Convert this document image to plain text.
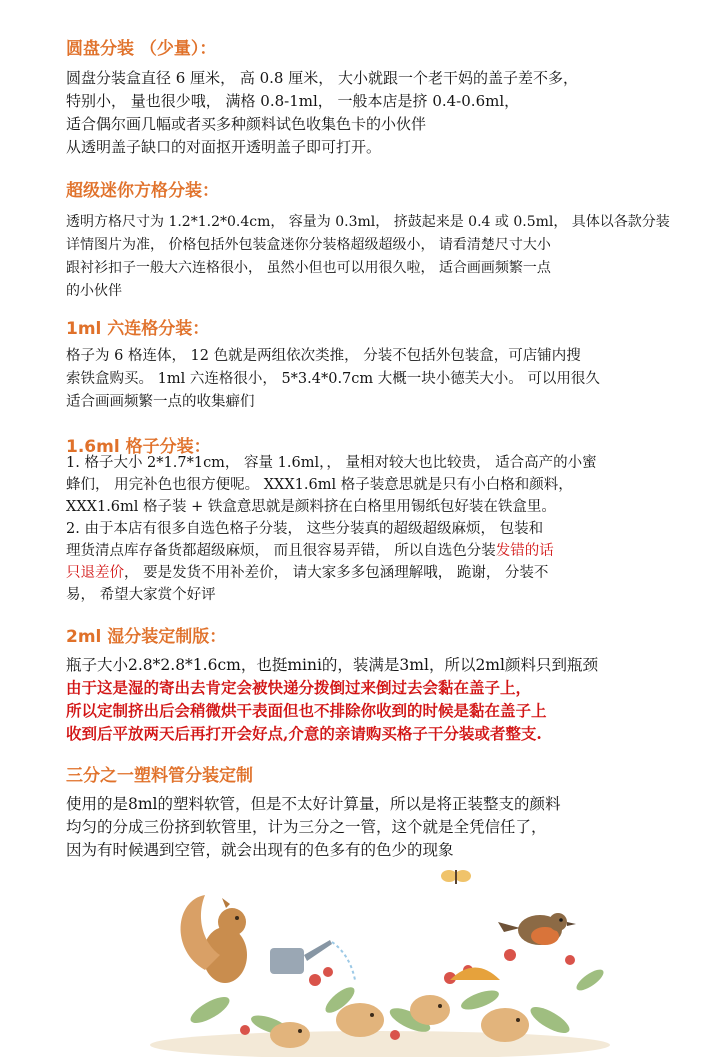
圆盘分装 （少量）：
圆盘分装盒直径 6 厘米， 高 0.8 厘米， 大小就跟一个老干妈的盖子差不多，
特别小， 量也很少哦， 满格 0.8-1ml， 一般本店是挤 0.4-0.6ml，
适合偶尔画几幅或者买多种颜料试色收集色卡的小伙伴
从透明盖子缺口的对面抠开透明盖子即可打开。
超级迷你方格分装：
透明方格尺寸为 1.2*1.2*0.4cm， 容量为 0.3ml， 挤鼓起来是 0.4 或 0.5ml， 具体以各款分装
详情图片为准， 价格包括外包装盒迷你分装格超级超级小， 请看清楚尺寸大小
跟衬衫扣子一般大六连格很小， 虽然小但也可以用很久啦， 适合画画频繁一点
的小伙伴
1ml 六连格分装：
格子为 6 格连体， 12 色就是两组依次类推， 分装不包括外包装盒，可店铺内搜
索铁盒购买。 1ml 六连格很小， 5*3.4*0.7cm 大概一块小德芙大小。 可以用很久
适合画画频繁一点的收集癖们
1.6ml 格子分装：
1. 格子大小 2*1.7*1cm， 容量 1.6ml，， 量相对较大也比较贵， 适合高产的小蜜
蜂们， 用完补色也很方便呢。 XXX1.6ml 格子装意思就是只有小白格和颜料，
XXX1.6ml 格子装 + 铁盒意思就是颜料挤在白格里用锡纸包好装在铁盒里。
2. 由于本店有很多自选色格子分装， 这些分装真的超级超级麻烦， 包装和
理货清点库存备货都超级麻烦， 而且很容易弄错， 所以自选色分装发错的话
只退差价， 要是发货不用补差价， 请大家多多包涵理解哦， 跪谢， 分装不
易， 希望大家赏个好评
2ml 湿分装定制版：
瓶子大小2.8*2.8*1.6cm，也挺mini的，装满是3ml，所以2ml颜料只到瓶颈
由于这是湿的寄出去肯定会被快递分拨倒过来倒过去会黏在盖子上，
所以定制挤出后会稍微烘干表面但也不排除你收到的时候是黏在盖子上
收到后平放两天后再打开会好点,介意的亲请购买格子干分装或者整支.
三分之一塑料管分装定制
使用的是8ml的塑料软管，但是不太好计算量，所以是将正装整支的颜料
均匀的分成三份挤到软管里，计为三分之一管，这个就是全凭信任了，
因为有时候遇到空管，就会出现有的色多有的色少的现象
